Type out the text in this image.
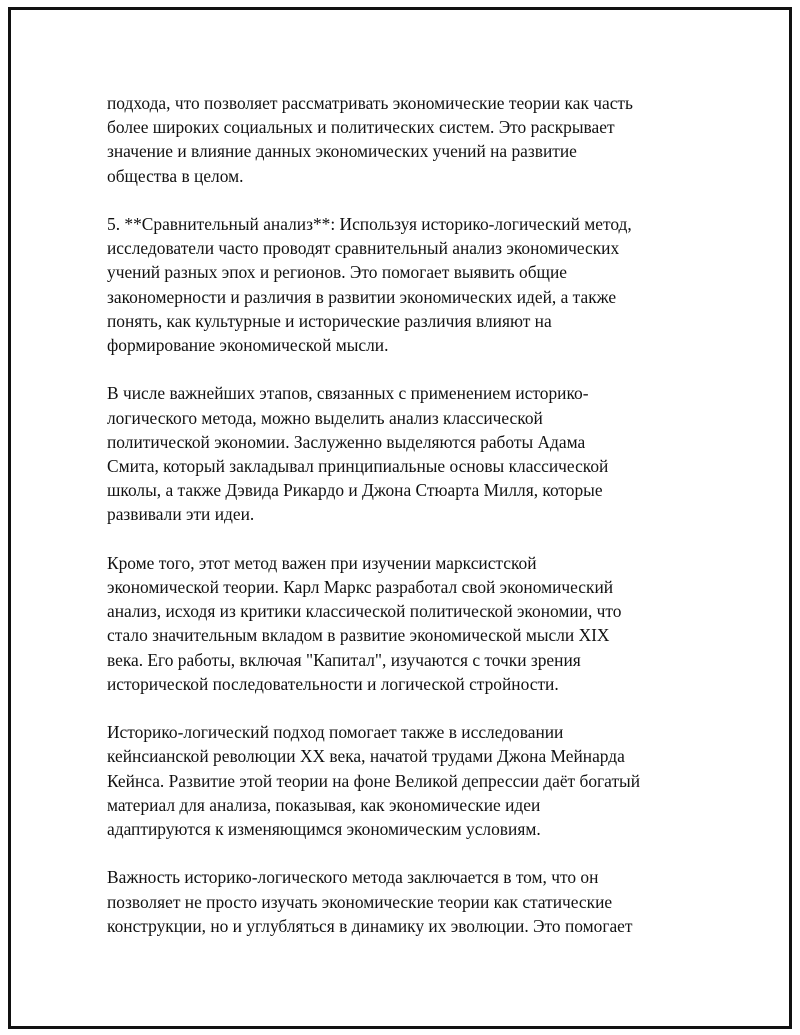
подхода, что позволяет рассматривать экономические теории как часть
более широких социальных и политических систем. Это раскрывает
значение и влияние данных экономических учений на развитие
общества в целом.

5. **Сравнительный анализ**: Используя историко-логический метод,
исследователи часто проводят сравнительный анализ экономических
учений разных эпох и регионов. Это помогает выявить общие
закономерности и различия в развитии экономических идей, а также
понять, как культурные и исторические различия влияют на
формирование экономической мысли.

В числе важнейших этапов, связанных с применением историко-
логического метода, можно выделить анализ классической
политической экономии. Заслуженно выделяются работы Адама
Смита, который закладывал принципиальные основы классической
школы, а также Дэвида Рикардо и Джона Стюарта Милля, которые
развивали эти идеи.

Кроме того, этот метод важен при изучении марксистской
экономической теории. Карл Маркс разработал свой экономический
анализ, исходя из критики классической политической экономии, что
стало значительным вкладом в развитие экономической мысли XIX
века. Его работы, включая "Капитал", изучаются с точки зрения
исторической последовательности и логической стройности.

Историко-логический подход помогает также в исследовании
кейнсианской революции XX века, начатой трудами Джона Мейнарда
Кейнса. Развитие этой теории на фоне Великой депрессии даёт богатый
материал для анализа, показывая, как экономические идеи
адаптируются к изменяющимся экономическим условиям.

Важность историко-логического метода заключается в том, что он
позволяет не просто изучать экономические теории как статические
конструкции, но и углубляться в динамику их эволюции. Это помогает
